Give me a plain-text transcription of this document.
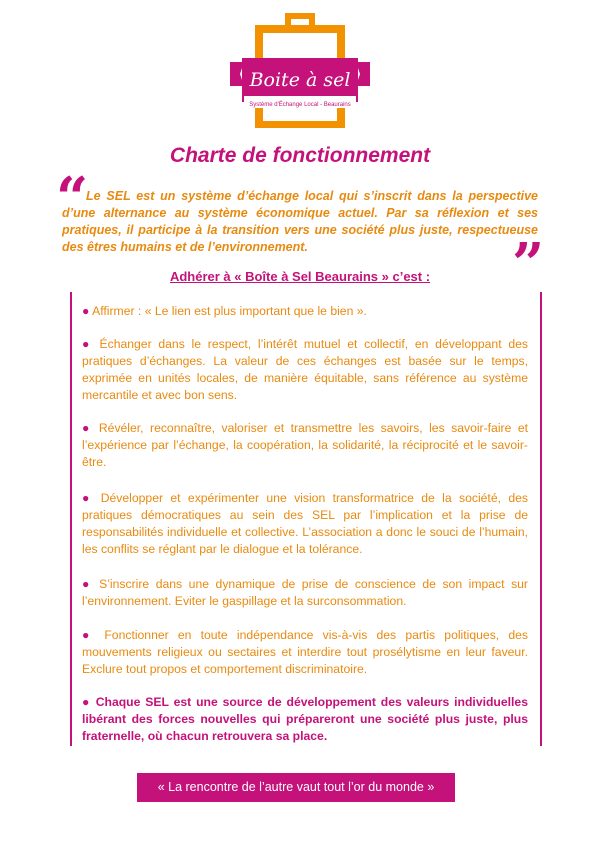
Boite à sel
Système d'Échange Local - Beaurains
Charte de fonctionnement
“

Le SEL est un système d’échange local qui s’inscrit dans la perspective d’une alternance au système économique actuel. Par sa réflexion et ses pratiques, il participe à la transition vers une société plus juste, respectueuse des êtres humains et de l’environnement.	”
Adhérer à « Boîte à Sel Beaurains » c’est :

● Affirmer : « Le lien est plus important que le bien ».

● Échanger dans le respect, l’intérêt mutuel et collectif, en développant des pratiques d’échanges. La valeur de ces échanges est basée sur le temps, exprimée en unités locales, de manière équitable, sans référence au système mercantile et avec bon sens.

● Révéler, reconnaître, valoriser et transmettre les savoirs, les savoir-faire et l’expérience par l’échange, la coopération, la solidarité, la réciprocité et le savoir-être.

● Développer et expérimenter une vision transformatrice de la société, des pratiques démocratiques au sein des SEL par l’implication et la prise de responsabilités individuelle et collective. L’association a donc le souci de l’humain, les conflits se réglant par le dialogue et la tolérance.

● S’inscrire dans une dynamique de prise de conscience de son impact sur l’environnement. Eviter le gaspillage et la surconsommation.

● Fonctionner en toute indépendance vis-à-vis des partis politiques, des mouvements religieux ou sectaires et interdire tout prosélytisme en leur faveur. Exclure tout propos et comportement discriminatoire.

● Chaque SEL est une source de développement des valeurs individuelles libérant des forces nouvelles qui prépareront une société plus juste, plus fraternelle, où chacun retrouvera sa place.

« La rencontre de l’autre vaut tout l’or du monde »
